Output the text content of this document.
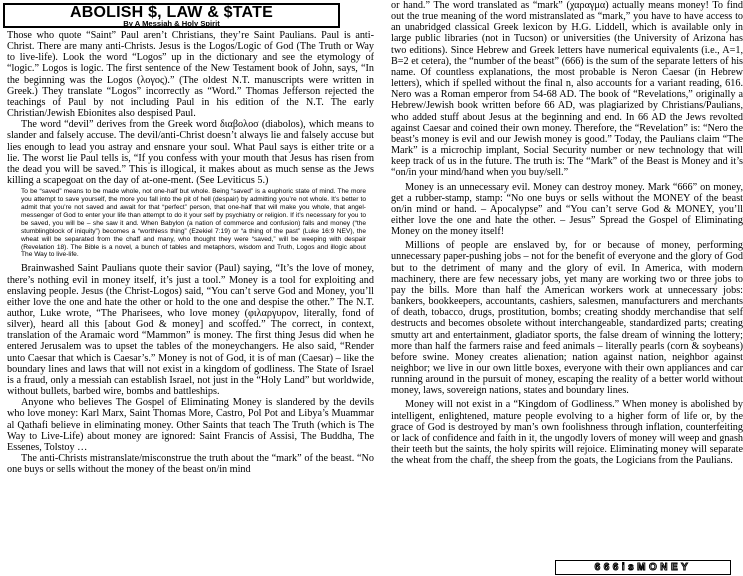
ABOLISH $, LAW & $TATE
By A Messiah & Holy Spirit

Those who quote “Saint” Paul aren’t Christians, they’re Saint Paulians. Paul is anti-Christ. There are many anti-Christs. Jesus is the Logos/Logic of God (The Truth or Way to live-life). Look the word “Logos” up in the dictionary and see the etymology of “logic.” Logos is logic. The first sentence of the New Testament book of John, says, “In the beginning was the Logos (λογος).” (The oldest N.T. manuscripts were written in Greek.) They translate “Logos” incorrectly as “Word.” Thomas Jefferson rejected the teachings of Paul by not including Paul in his edition of the N.T. The early Christian/Jewish Ebionites also despised Paul.

The word “devil” derives from the Greek word διαβολοσ (diabolos), which means to slander and falsely accuse. The devil/anti-Christ doesn’t always lie and falsely accuse but lies enough to lead you astray and ensnare your soul. What Paul says is either trite or a lie. The worst lie Paul tells is, “If you confess with your mouth that Jesus has risen from the dead you will be saved.” This is illogical, it makes about as much sense as the Jews killing a scapegoat on the day of at-one-ment. (See Leviticus 5.)

To be “saved” means to be made whole, not one-half but whole. Being “saved” is a euphoric state of mind. The more you attempt to save yourself, the more you fall into the pit of hell (despair) by admitting you’re not whole. It’s better to admit that you’re not saved and await for that “perfect” person, that one-half that will make you whole, that angel-messenger of God to enter your life than attempt to do it your self by psychiatry or religion. If it’s necessary for you to be saved, you will be – she saw it and. When Babylon (a nation of commerce and confusion) falls and money (“the stumblingblock of iniquity”) becomes a “worthless thing” (Ezekiel 7:19) or “a thing of the past” (Luke 16:9 NEV), the wheat will be separated from the chaff and many, who thought they were “saved,” will be weeping with despair (Revelation 18). The Bible is a novel, a bunch of tables and metaphors, wisdom and Truth, Logos and illogic about The Way to live-life.

Brainwashed Saint Paulians quote their savior (Paul) saying, “It’s the love of money, there’s nothing evil in money itself, it’s just a tool.” Money is a tool for exploiting and enslaving people. Jesus (the Christ-Logos) said, “You can’t serve God and Money, you’ll either love the one and hate the other or hold to the one and despise the other.” The N.T. author, Luke wrote, “The Pharisees, who love money (φιλαργυρον, literally, fond of silver), heard all this [about God & money] and scoffed.” The correct, in context, translation of the Aramaic word “Mammon” is money. The first thing Jesus did when he entered Jerusalem was to upset the tables of the moneychangers. He also said, “Render unto Caesar that which is Caesar’s.” Money is not of God, it is of man (Caesar) – like the boundary lines and laws that will not exist in a kingdom of godliness. The State of Israel is a fraud, only a messiah can establish Israel, not just in the “Holy Land” but worldwide, without bullets, barbed wire, bombs and battleships.

Anyone who believes The Gospel of Eliminating Money is slandered by the devils who love money: Karl Marx, Saint Thomas More, Castro, Pol Pot and Libya’s Muammar al Qathafi believe in eliminating money. Other Saints that teach The Truth (which is The Way to Live-Life) about money are ignored: Saint Francis of Assisi, The Buddha, The Essenes, Tolstoy …

The anti-Christs mistranslate/misconstrue the truth about the “mark” of the beast. “No one buys or sells without the money of the beast on/in mind

or hand.” The word translated as “mark” (χαραγμα) actually means money! To find out the true meaning of the word mistranslated as “mark,” you have to have access to an unabridged classical Greek lexicon by H.G. Liddell, which is available only in large public libraries (not in Tucson) or universities (the University of Arizona has two editions). Since Hebrew and Greek letters have numerical equivalents (i.e., A=1, B=2 et cetera), the “number of the beast” (666) is the sum of the separate letters of his name. Of countless explanations, the most probable is Neron Caesar (in Hebrew letters), which if spelled without the final n, also accounts for a variant reading, 616. Nero was a Roman emperor from 54-68 AD. The book of “Revelations,” originally a Hebrew/Jewish book written before 66 AD, was plagiarized by Christians/Paulians, who added stuff about Jesus at the beginning and end. In 66 AD the Jews revolted against Caesar and coined their own money. Therefore, the “Revelation” is: “Nero the beast’s money is evil and our Jewish money is good.” Today, the Paulians claim “The Mark” is a microchip implant, Social Security number or new technology that will keep track of us in the future. The truth is: The “Mark” of the Beast is Money and it’s “on/in your mind/hand when you buy/sell.”

Money is an unnecessary evil. Money can destroy money. Mark “666” on money, get a rubber-stamp, stamp: “No one buys or sells without the MONEY of the beast on/in mind or hand. – Apocalypse” and “You can’t serve God & MONEY, you’ll either love the one and hate the other. – Jesus” Spread the Gospel of Eliminating Money on the money itself!

Millions of people are enslaved by, for or because of money, performing unnecessary paper-pushing jobs – not for the benefit of everyone and the glory of God but to the detriment of many and the glory of evil. In America, with modern machinery, there are few necessary jobs, yet many are working two or three jobs to pay the bills. More than half the American workers work at unnecessary jobs: bankers, bookkeepers, accountants, cashiers, salesmen, manufacturers and merchants of death, tobacco, drugs, prostitution, bombs; creating shoddy merchandise that self destructs and becomes obsolete without interchangeable, standardized parts; creating smutty art and entertainment, gladiator sports, the false dream of winning the lottery; more than half the farmers raise and feed animals – literally pearls (corn & soybeans) before swine. Money creates alienation; nation against nation, neighbor against neighbor; we live in our own little boxes, everyone with their own appliances and car running around in the pursuit of money, escaping the reality of a better world without money, laws, sovereign nations, states and boundary lines.

Money will not exist in a “Kingdom of Godliness.” When money is abolished by intelligent, enlightened, mature people evolving to a higher form of life or, by the grace of God is destroyed by man’s own foolishness through inflation, counterfeiting or lack of confidence and faith in it, the ungodly lovers of money will weep and gnash their teeth but the saints, the holy spirits will rejoice. Eliminating money will separate the wheat from the chaff, the sheep from the goats, the Logicians from the Paulians.

666isMONEY
